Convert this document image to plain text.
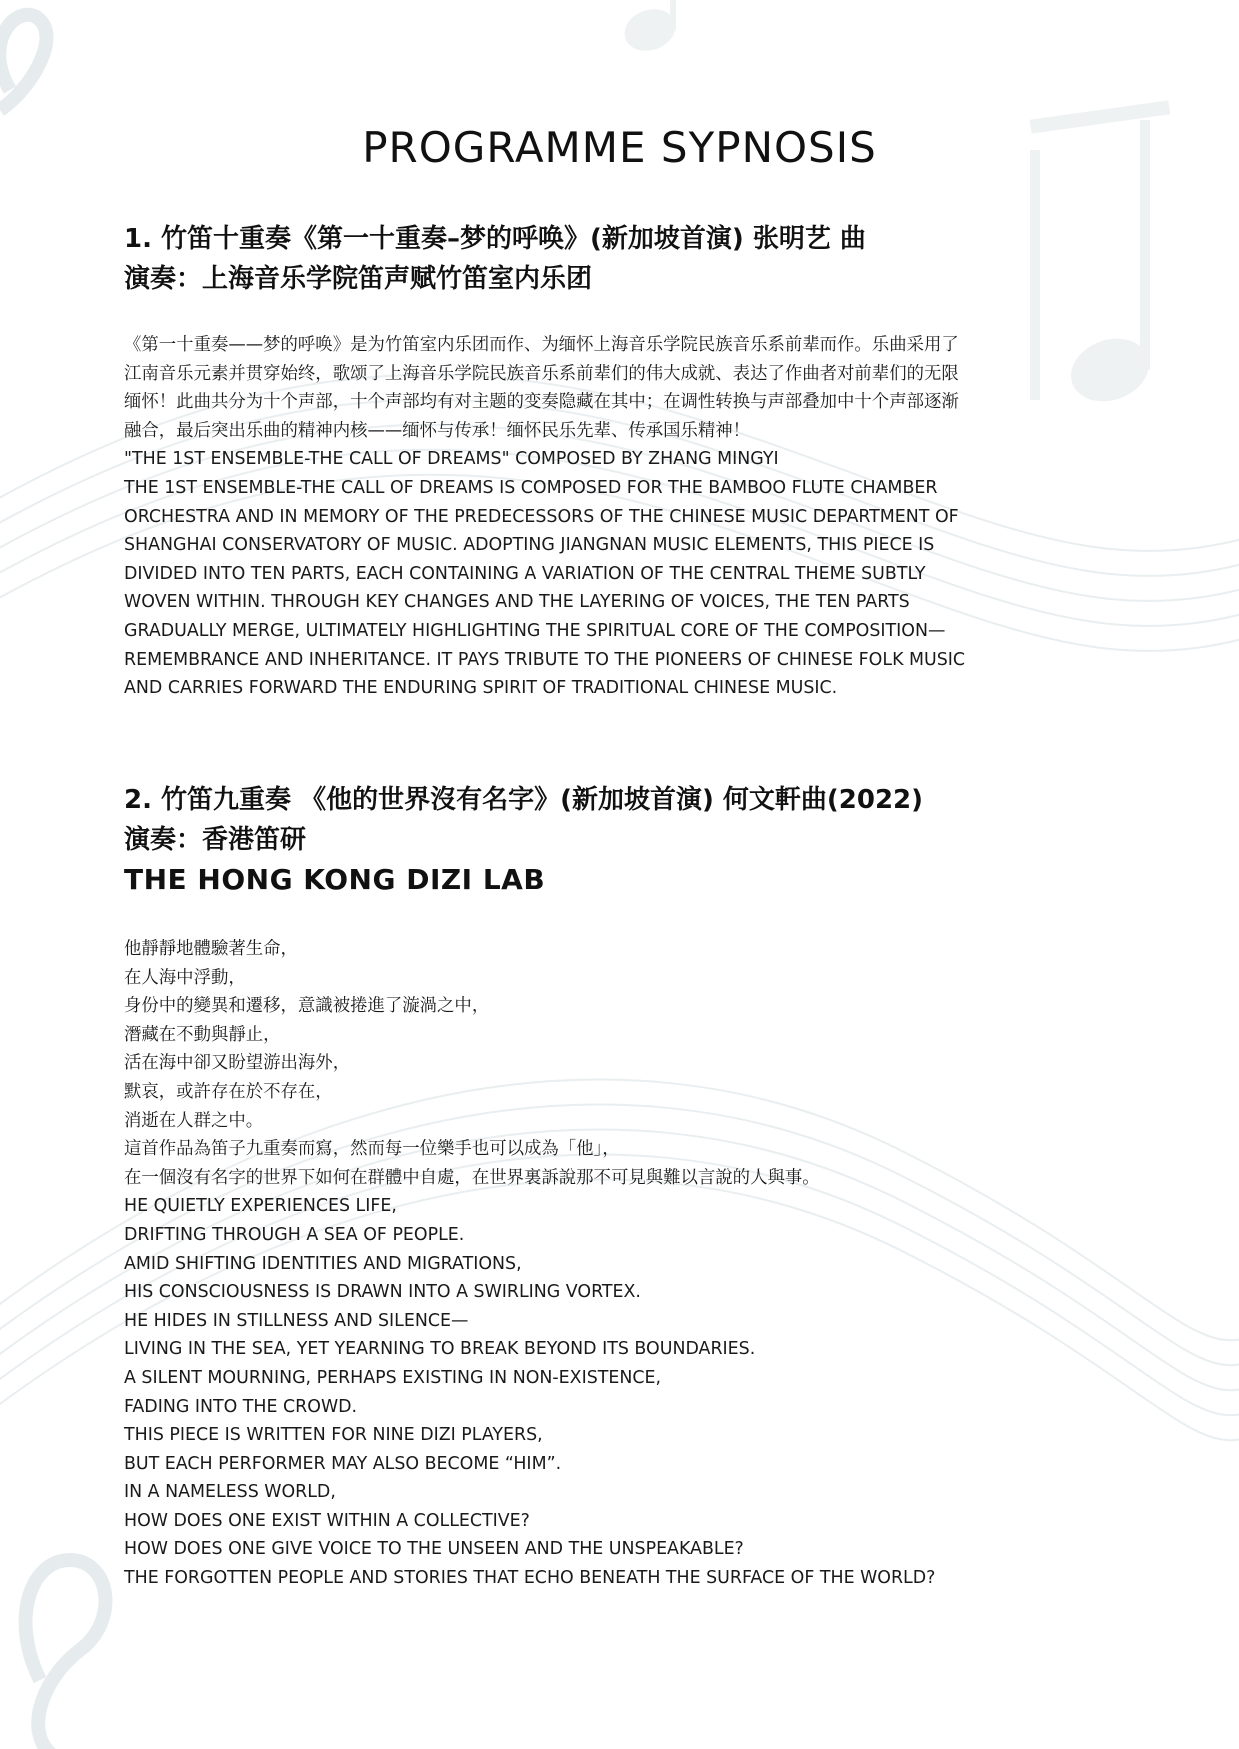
PROGRAMME SYPNOSIS
1. 竹笛十重奏《第一十重奏–梦的呼唤》(新加坡首演) 张明艺 曲
演奏：上海音乐学院笛声赋竹笛室内乐团
《第一十重奏——梦的呼唤》是为竹笛室内乐团而作、为缅怀上海音乐学院民族音乐系前辈而作。乐曲采用了
江南音乐元素并贯穿始终，歌颂了上海音乐学院民族音乐系前辈们的伟大成就、表达了作曲者对前辈们的无限
缅怀！此曲共分为十个声部，十个声部均有对主题的变奏隐藏在其中；在调性转换与声部叠加中十个声部逐渐
融合，最后突出乐曲的精神内核——缅怀与传承！缅怀民乐先辈、传承国乐精神！
"THE 1ST ENSEMBLE-THE CALL OF DREAMS" COMPOSED BY ZHANG MINGYI
THE 1ST ENSEMBLE-THE CALL OF DREAMS IS COMPOSED FOR THE BAMBOO FLUTE CHAMBER
ORCHESTRA AND IN MEMORY OF THE PREDECESSORS OF THE CHINESE MUSIC DEPARTMENT OF
SHANGHAI CONSERVATORY OF MUSIC. ADOPTING JIANGNAN MUSIC ELEMENTS, THIS PIECE IS
DIVIDED INTO TEN PARTS, EACH CONTAINING A VARIATION OF THE CENTRAL THEME SUBTLY
WOVEN WITHIN. THROUGH KEY CHANGES AND THE LAYERING OF VOICES, THE TEN PARTS
GRADUALLY MERGE, ULTIMATELY HIGHLIGHTING THE SPIRITUAL CORE OF THE COMPOSITION—
REMEMBRANCE AND INHERITANCE. IT PAYS TRIBUTE TO THE PIONEERS OF CHINESE FOLK MUSIC
AND CARRIES FORWARD THE ENDURING SPIRIT OF TRADITIONAL CHINESE MUSIC.
2. 竹笛九重奏 《他的世界沒有名字》(新加坡首演) 何文軒曲(2022)
演奏：香港笛研
THE HONG KONG DIZI LAB
他靜靜地體驗著生命，
在人海中浮動，
身份中的變異和遷移，意識被捲進了漩渦之中，
潛藏在不動與靜止，
活在海中卻又盼望游出海外，
默哀，或許存在於不存在，
消逝在人群之中。
這首作品為笛子九重奏而寫，然而每一位樂手也可以成為「他」，
在一個沒有名字的世界下如何在群體中自處，在世界裏訴說那不可見與難以言說的人與事。
HE QUIETLY EXPERIENCES LIFE,
DRIFTING THROUGH A SEA OF PEOPLE.
AMID SHIFTING IDENTITIES AND MIGRATIONS,
HIS CONSCIOUSNESS IS DRAWN INTO A SWIRLING VORTEX.
HE HIDES IN STILLNESS AND SILENCE—
LIVING IN THE SEA, YET YEARNING TO BREAK BEYOND ITS BOUNDARIES.
A SILENT MOURNING, PERHAPS EXISTING IN NON-EXISTENCE,
FADING INTO THE CROWD.
THIS PIECE IS WRITTEN FOR NINE DIZI PLAYERS,
BUT EACH PERFORMER MAY ALSO BECOME “HIM”.
IN A NAMELESS WORLD,
HOW DOES ONE EXIST WITHIN A COLLECTIVE?
HOW DOES ONE GIVE VOICE TO THE UNSEEN AND THE UNSPEAKABLE?
THE FORGOTTEN PEOPLE AND STORIES THAT ECHO BENEATH THE SURFACE OF THE WORLD?
